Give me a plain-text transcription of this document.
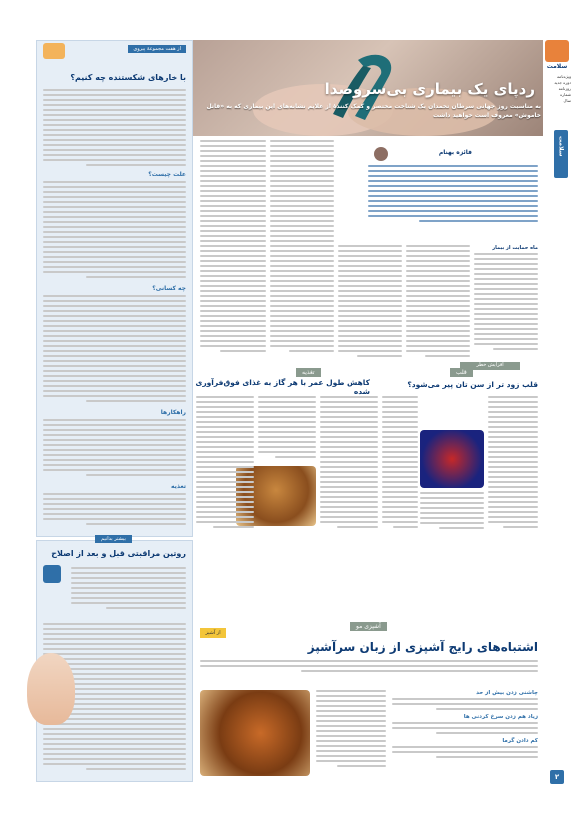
سلامت
ویژه‌نامه
دوره جدید
روزنامه
شماره
سال
سلامت
ردپای یک بیماری بی‌سروصدا
به مناسبت روز جهانی سرطان تخمدان یک شناخت مختصر و کمک کنندۀ از علایم نشانه‌های این بیماری که به «قاتل خاموش» معروف است خواهید داشت
فائزه بهنام
ماه حمایت از بیمار
افزایش خطر
از هفت مجموعۀ پیروی
با خارهای شکستنده چه کنیم؟
علت چیست؟
چه کسانی؟
راهکارها
تغذیه
تغذیه
کاهش طول عمر با هر گاز به غذای فوق‌فرآوری شده
قلب
قلب زود تر از سن تان پیر می‌شود؟
بیشتر بدانیم
روتین مراقبتی قبل و بعد از اصلاح
آشپزی مو
از آشپز
اشتباه‌های رایج آشپزی از زبان سرآشپز
چاشنی زدن بیش از حد
زیاد هم زدن سرخ کردنی ها
کم دادن گرما
۲
